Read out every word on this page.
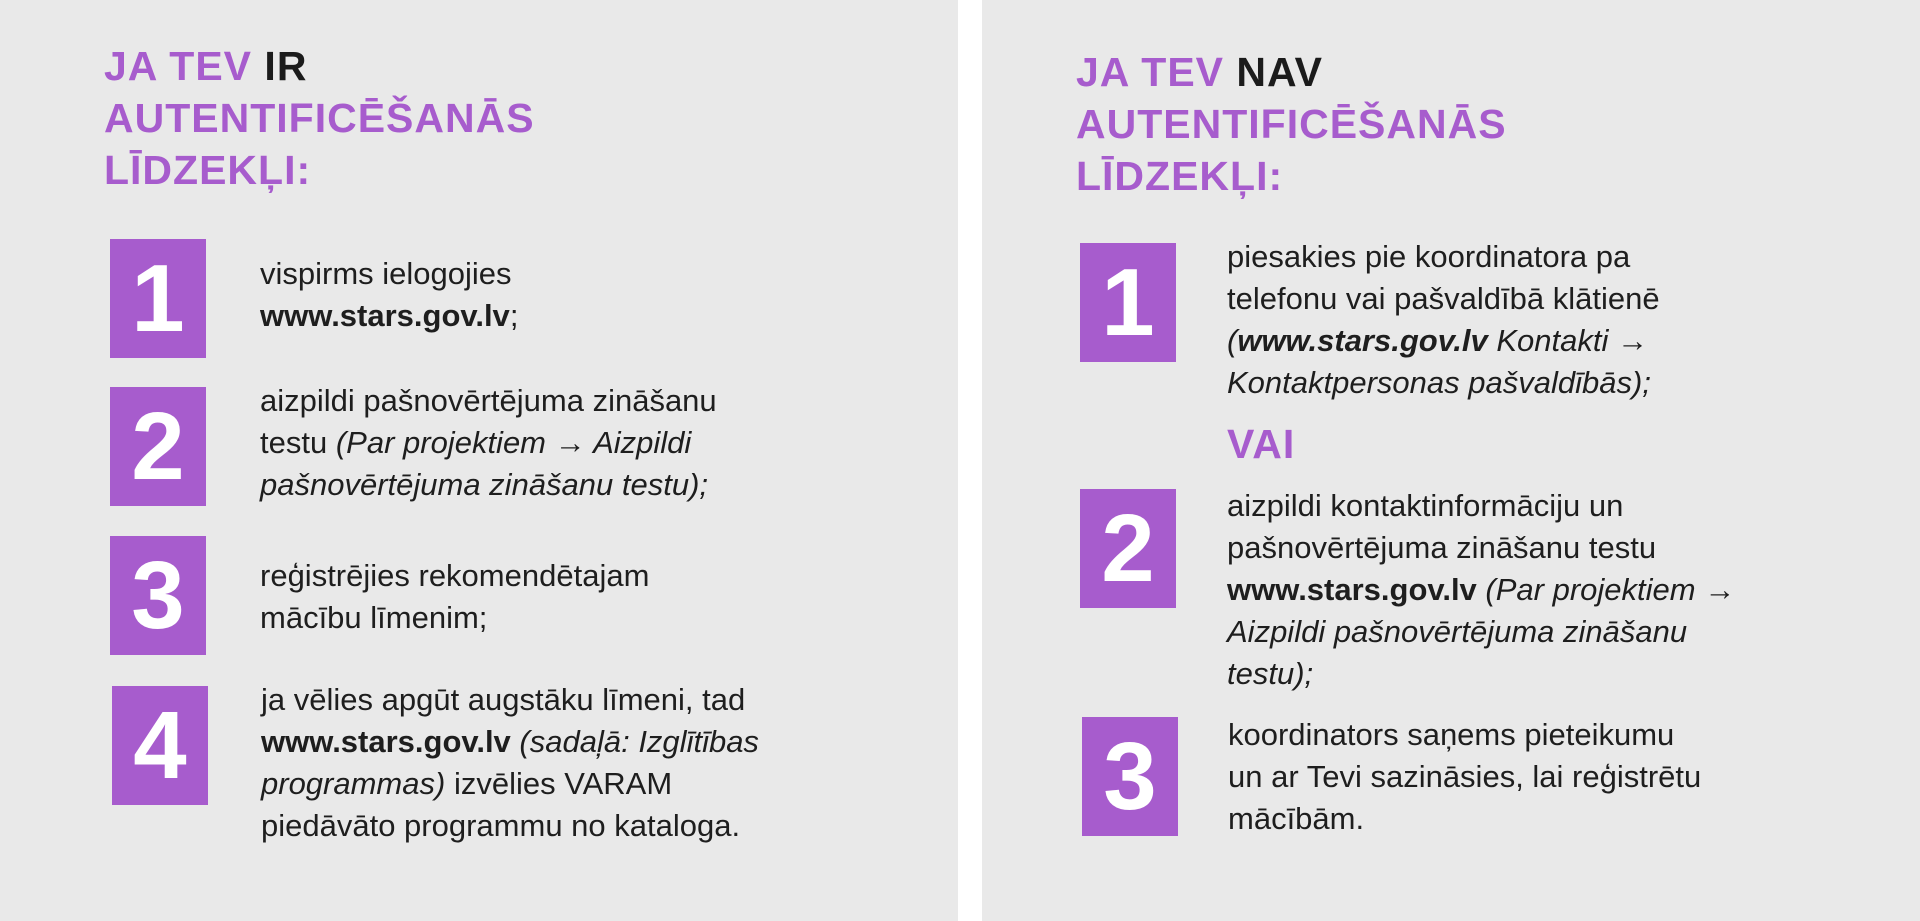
JA TEV IR
AUTENTIFICĒŠANĀS
LĪDZEKĻI:
1	vispirms ielogojies
www.stars.gov.lv;

2	aizpildi pašnovērtējuma zināšanu
testu (Par projektiem → Aizpildi
pašnovērtējuma zināšanu testu);

3	reģistrējies rekomendētajam
mācību līmenim;

4	ja vēlies apgūt augstāku līmeni, tad
www.stars.gov.lv (sadaļā: Izglītības
programmas) izvēlies VARAM
piedāvāto programmu no kataloga.

JA TEV NAV
AUTENTIFICĒŠANĀS
LĪDZEKĻI:
1	piesakies pie koordinatora pa
telefonu vai pašvaldībā klātienē
(www.stars.gov.lv Kontakti →
Kontaktpersonas pašvaldībās);

VAI

2	aizpildi kontaktinformāciju un
pašnovērtējuma zināšanu testu
www.stars.gov.lv (Par projektiem →
Aizpildi pašnovērtējuma zināšanu
testu);

3	koordinators saņems pieteikumu
un ar Tevi sazināsies, lai reģistrētu
mācībām.
